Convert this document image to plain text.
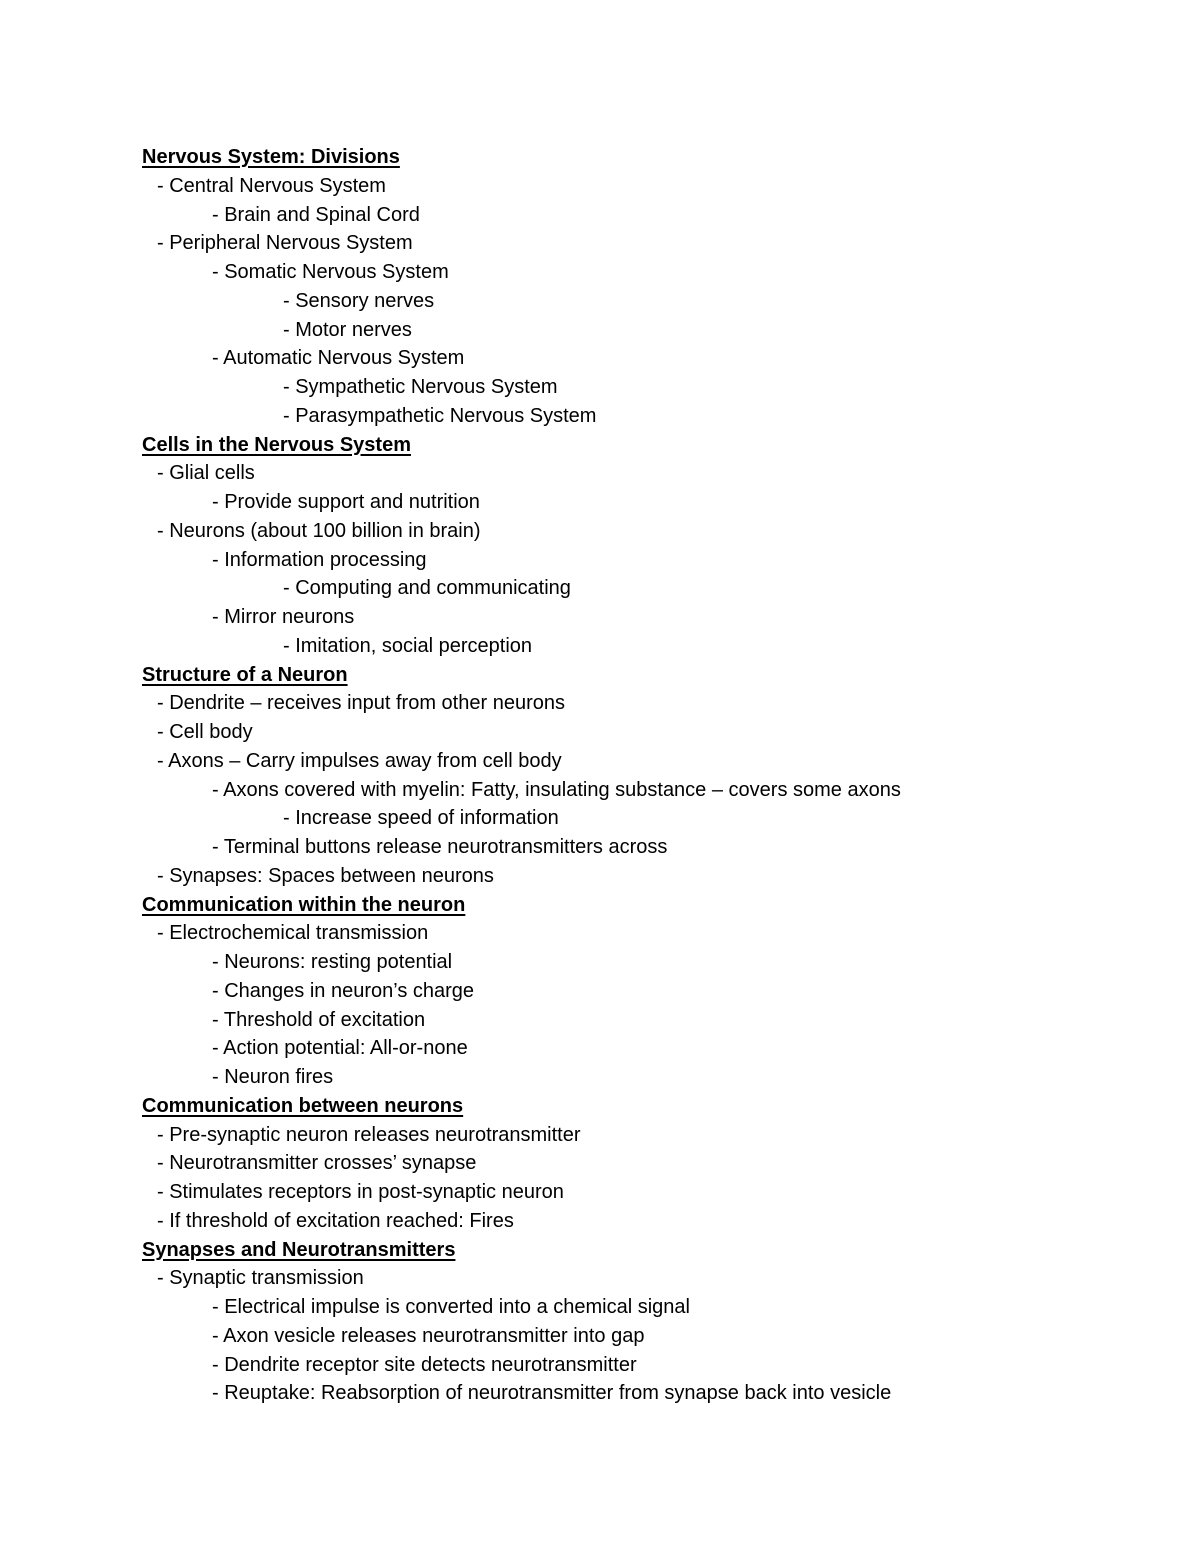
Nervous System: Divisions
- Central Nervous System
- Brain and Spinal Cord
- Peripheral Nervous System
- Somatic Nervous System
- Sensory nerves
- Motor nerves
- Automatic Nervous System
- Sympathetic Nervous System
- Parasympathetic Nervous System
Cells in the Nervous System
- Glial cells
- Provide support and nutrition
- Neurons (about 100 billion in brain)
- Information processing
- Computing and communicating
- Mirror neurons
- Imitation, social perception
Structure of a Neuron
- Dendrite – receives input from other neurons
- Cell body
- Axons – Carry impulses away from cell body
- Axons covered with myelin: Fatty, insulating substance – covers some axons
- Increase speed of information
- Terminal buttons release neurotransmitters across
- Synapses: Spaces between neurons
Communication within the neuron
- Electrochemical transmission
- Neurons: resting potential
- Changes in neuron’s charge
- Threshold of excitation
- Action potential: All-or-none
- Neuron fires
Communication between neurons
- Pre-synaptic neuron releases neurotransmitter
- Neurotransmitter crosses’ synapse
- Stimulates receptors in post-synaptic neuron
- If threshold of excitation reached: Fires
Synapses and Neurotransmitters
- Synaptic transmission
- Electrical impulse is converted into a chemical signal
- Axon vesicle releases neurotransmitter into gap
- Dendrite receptor site detects neurotransmitter
- Reuptake: Reabsorption of neurotransmitter from synapse back into vesicle
